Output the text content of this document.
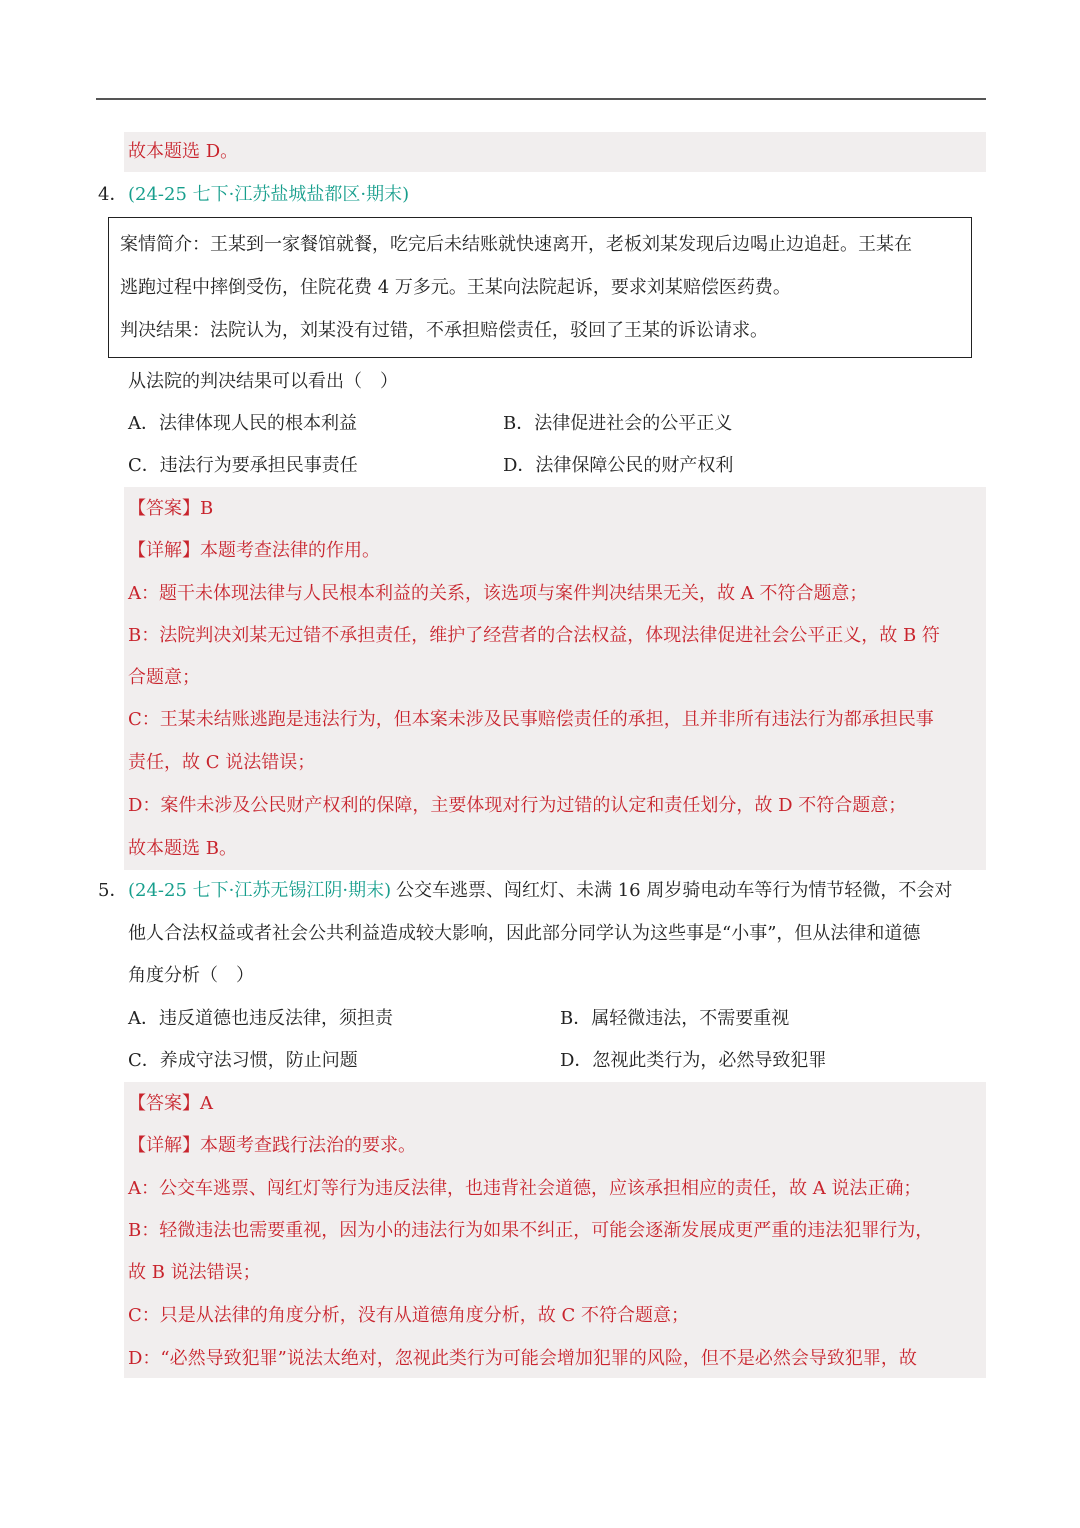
故本题选 D。
4． (24-25 七下·江苏盐城盐都区·期末)
案情简介：王某到一家餐馆就餐，吃完后未结账就快速离开，老板刘某发现后边喝止边追赶。王某在
逃跑过程中摔倒受伤，住院花费 4 万多元。王某向法院起诉，要求刘某赔偿医药费。
判决结果：法院认为，刘某没有过错，不承担赔偿责任，驳回了王某的诉讼请求。
从法院的判决结果可以看出（　）
A．法律体现人民的根本利益	B．法律促进社会的公平正义
C．违法行为要承担民事责任	D．法律保障公民的财产权利
【答案】B
【详解】本题考查法律的作用。
A：题干未体现法律与人民根本利益的关系，该选项与案件判决结果无关，故 A 不符合题意；
B：法院判决刘某无过错不承担责任，维护了经营者的合法权益，体现法律促进社会公平正义，故 B 符
合题意；
C：王某未结账逃跑是违法行为，但本案未涉及民事赔偿责任的承担，且并非所有违法行为都承担民事
责任，故 C 说法错误；
D：案件未涉及公民财产权利的保障，主要体现对行为过错的认定和责任划分，故 D 不符合题意；
故本题选 B。
5． (24-25 七下·江苏无锡江阴·期末) 公交车逃票、闯红灯、未满 16 周岁骑电动车等行为情节轻微，不会对
他人合法权益或者社会公共利益造成较大影响，因此部分同学认为这些事是“小事”，但从法律和道德
角度分析（　）
A．违反道德也违反法律，须担责	B．属轻微违法，不需要重视
C．养成守法习惯，防止问题	D．忽视此类行为，必然导致犯罪
【答案】A
【详解】本题考查践行法治的要求。
A：公交车逃票、闯红灯等行为违反法律，也违背社会道德，应该承担相应的责任，故 A 说法正确；
B：轻微违法也需要重视，因为小的违法行为如果不纠正，可能会逐渐发展成更严重的违法犯罪行为，
故 B 说法错误；
C：只是从法律的角度分析，没有从道德角度分析，故 C 不符合题意；
D：“必然导致犯罪”说法太绝对，忽视此类行为可能会增加犯罪的风险，但不是必然会导致犯罪，故
